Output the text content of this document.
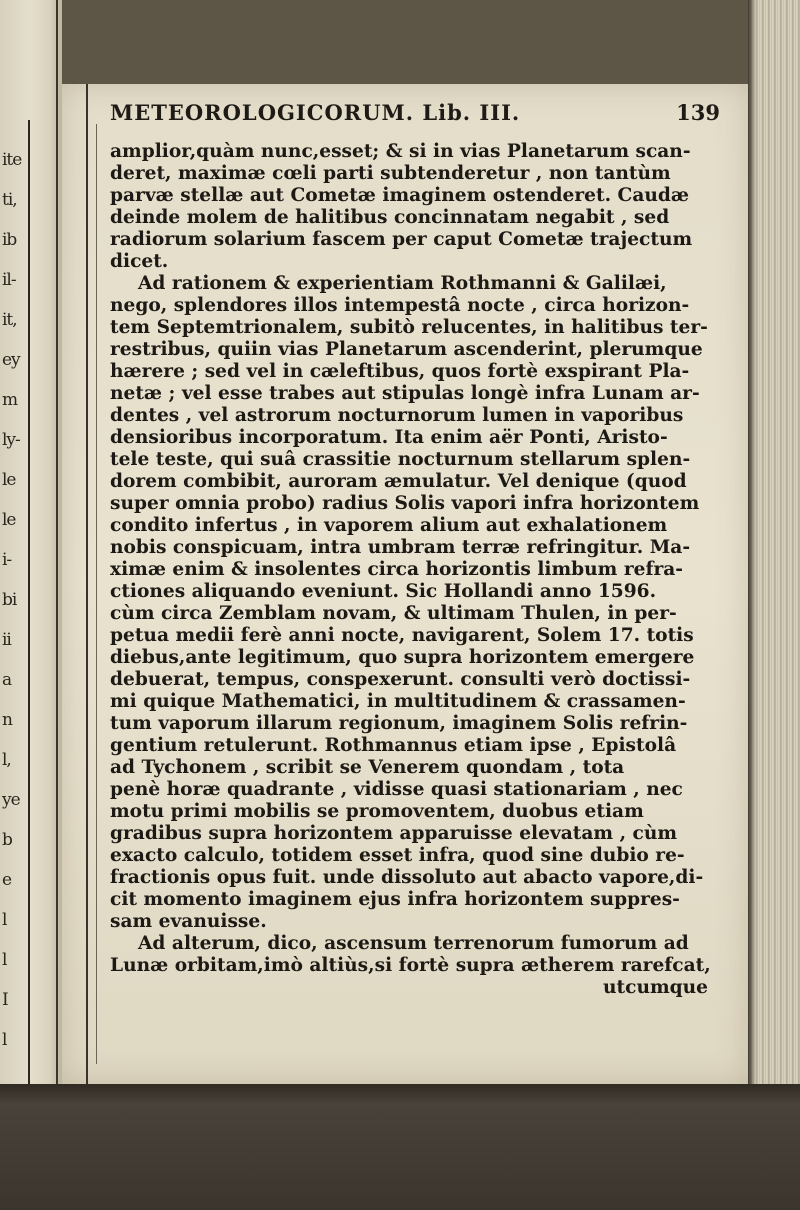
ite
ti,
ib
il-
it,
ey
m
ly-
le
le
i-
bi
ii
a
n
l,
ye
b
e
l
l
I
l
METEOROLOGICORUM. Lib. III.	139
amplior,quàm nunc,esset; & si in vias Planetarum scan-
deret, maximæ cœli parti subtenderetur , non tantùm
parvæ stellæ aut Cometæ imaginem ostenderet. Caudæ
deinde molem de halitibus concinnatam negabit , sed
radiorum solarium fascem per caput Cometæ trajectum
dicet.
Ad rationem & experientiam Rothmanni & Galilæi,
nego, splendores illos intempestâ nocte , circa horizon-
tem Septemtrionalem, subitò relucentes, in halitibus ter-
restribus, quiin vias Planetarum ascenderint, plerumque
hærere ; sed vel in cæleftibus, quos fortè exspirant Pla-
netæ ; vel esse trabes aut stipulas longè infra Lunam ar-
dentes , vel astrorum nocturnorum lumen in vaporibus
densioribus incorporatum. Ita enim aër Ponti, Aristo-
tele teste, qui suâ crassitie nocturnum stellarum splen-
dorem combibit, auroram æmulatur. Vel denique (quod
super omnia probo) radius Solis vapori infra horizontem
condito infertus , in vaporem alium aut exhalationem
nobis conspicuam, intra umbram terræ refringitur. Ma-
ximæ enim & insolentes circa horizontis limbum refra-
ctiones aliquando eveniunt. Sic Hollandi anno 1596.
cùm circa Zemblam novam, & ultimam Thulen, in per-
petua medii ferè anni nocte, navigarent, Solem 17. totis
diebus,ante legitimum, quo supra horizontem emergere
debuerat, tempus, conspexerunt. consulti verò doctissi-
mi quique Mathematici, in multitudinem & crassamen-
tum vaporum illarum regionum, imaginem Solis refrin-
gentium retulerunt. Rothmannus etiam ipse , Epistolâ
ad Tychonem , scribit se Venerem quondam , tota
penè horæ quadrante , vidisse quasi stationariam , nec
motu primi mobilis se promoventem, duobus etiam
gradibus supra horizontem apparuisse elevatam , cùm
exacto calculo, totidem esset infra, quod sine dubio re-
fractionis opus fuit. unde dissoluto aut abacto vapore,di-
cit momento imaginem ejus infra horizontem suppres-
sam evanuisse.
Ad alterum, dico, ascensum terrenorum fumorum ad
Lunæ orbitam,imò altiùs,si fortè supra ætherem rarefcat,
utcumque
